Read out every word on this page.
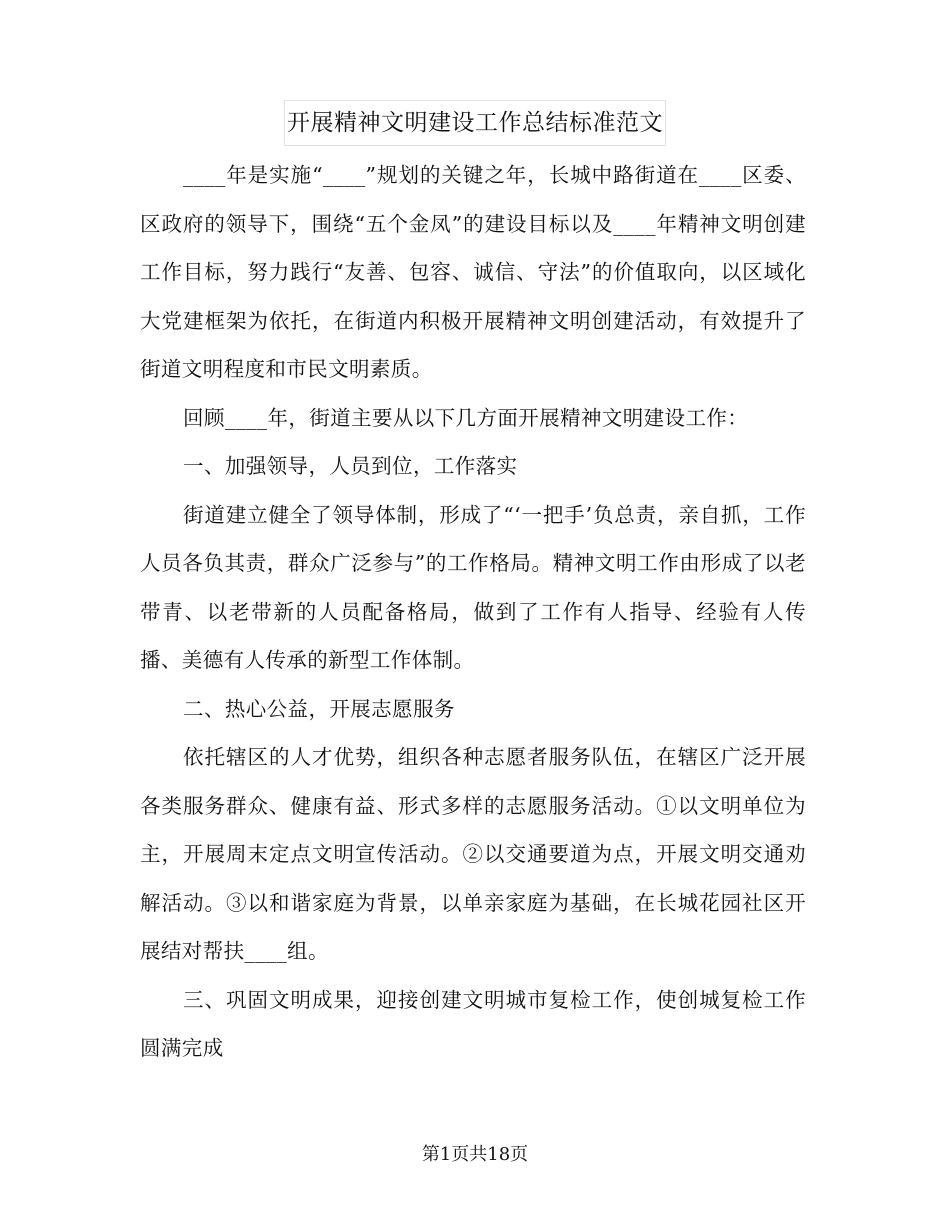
开展精神文明建设工作总结标准范文

____年是实施“____”规划的关键之年，长城中路街道在____区委、区政府的领导下，围绕“五个金凤”的建设目标以及____年精神文明创建工作目标，努力践行“友善、包容、诚信、守法”的价值取向，以区域化大党建框架为依托，在街道内积极开展精神文明创建活动，有效提升了街道文明程度和市民文明素质。

回顾____年，街道主要从以下几方面开展精神文明建设工作：

一、加强领导，人员到位，工作落实

街道建立健全了领导体制，形成了“‘一把手’负总责，亲自抓，工作人员各负其责，群众广泛参与”的工作格局。精神文明工作由形成了以老带青、以老带新的人员配备格局，做到了工作有人指导、经验有人传播、美德有人传承的新型工作体制。

二、热心公益，开展志愿服务

依托辖区的人才优势，组织各种志愿者服务队伍，在辖区广泛开展各类服务群众、健康有益、形式多样的志愿服务活动。①以文明单位为主，开展周末定点文明宣传活动。②以交通要道为点，开展文明交通劝解活动。③以和谐家庭为背景，以单亲家庭为基础，在长城花园社区开展结对帮扶____组。

三、巩固文明成果，迎接创建文明城市复检工作，使创城复检工作圆满完成

第1页共18页
